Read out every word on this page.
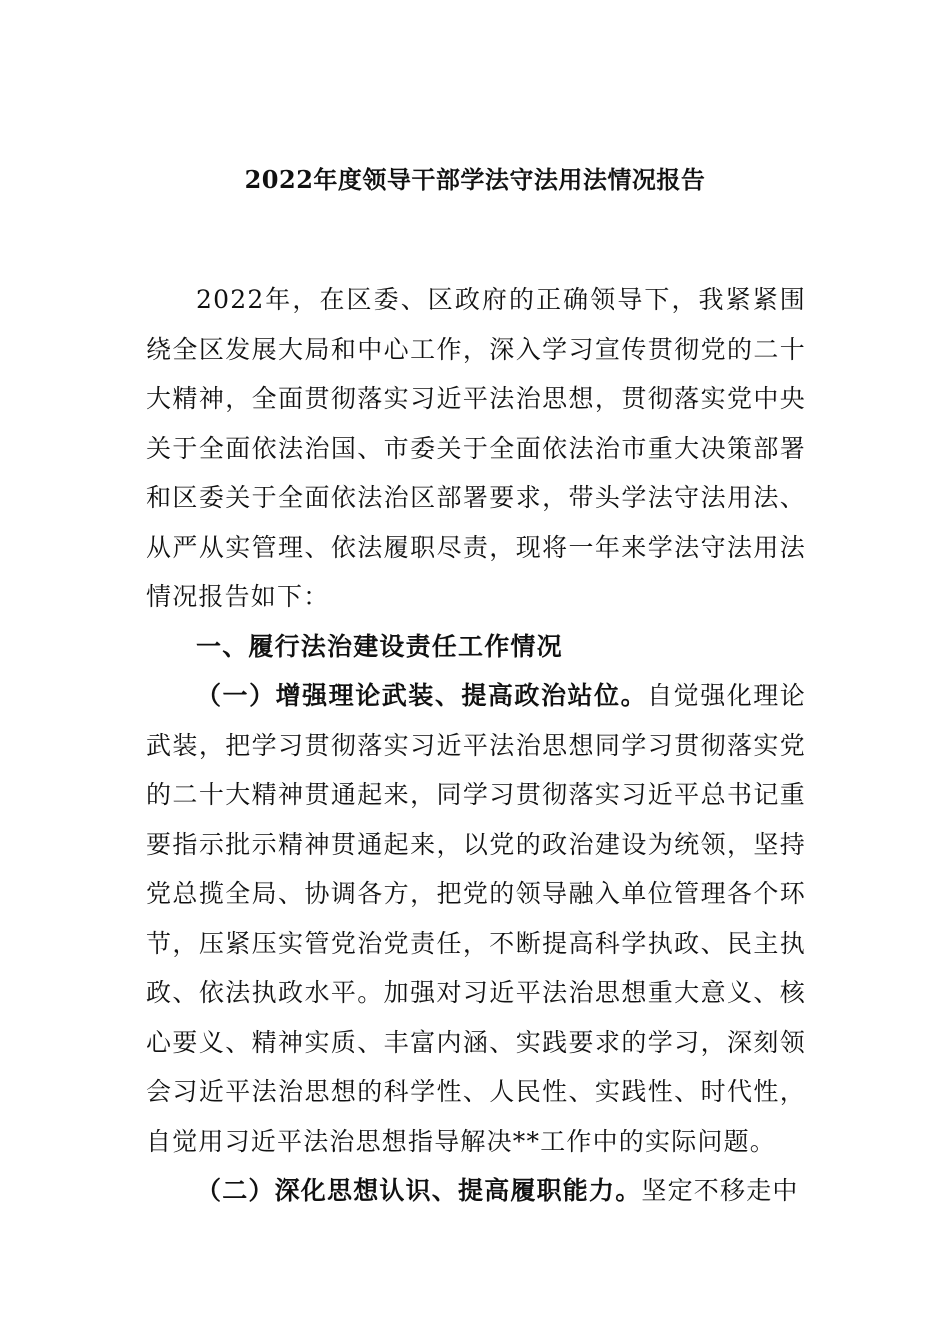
2022年度领导干部学法守法用法情况报告

2022年，在区委、区政府的正确领导下，我紧紧围绕全区发展大局和中心工作，深入学习宣传贯彻党的二十大精神，全面贯彻落实习近平法治思想，贯彻落实党中央关于全面依法治国、市委关于全面依法治市重大决策部署和区委关于全面依法治区部署要求，带头学法守法用法、从严从实管理、依法履职尽责，现将一年来学法守法用法情况报告如下：

一、履行法治建设责任工作情况

（一）增强理论武装、提高政治站位。自觉强化理论武装，把学习贯彻落实习近平法治思想同学习贯彻落实党的二十大精神贯通起来，同学习贯彻落实习近平总书记重要指示批示精神贯通起来，以党的政治建设为统领，坚持党总揽全局、协调各方，把党的领导融入单位管理各个环节，压紧压实管党治党责任，不断提高科学执政、民主执政、依法执政水平。加强对习近平法治思想重大意义、核心要义、精神实质、丰富内涵、实践要求的学习，深刻领会习近平法治思想的科学性、人民性、实践性、时代性，自觉用习近平法治思想指导解决**工作中的实际问题。

（二）深化思想认识、提高履职能力。坚定不移走中
